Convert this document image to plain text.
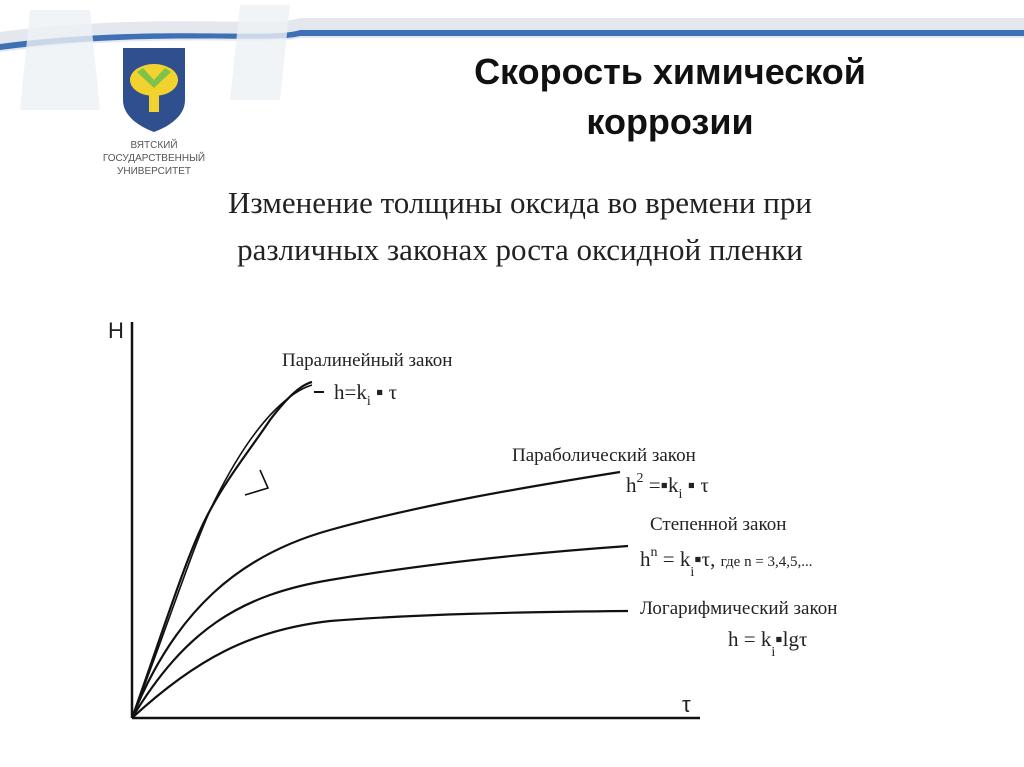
ВЯТСКИЙ
ГОСУДАРСТВЕННЫЙ
УНИВЕРСИТЕТ
Скорость химической
коррозии
Изменение толщины оксида во времени при
различных законах роста оксидной пленки
H
τ
Паралинейный закон
$h=k_i$ ▪ τ
Параболический закон
$h^2$ $=▪k_i$ ▪ τ
Степенной закон
$h^n$ = $k_i▪\tau$, где n = 3,4,5,...
Логарифмический закон
$h = k_i▪\lg\tau$
